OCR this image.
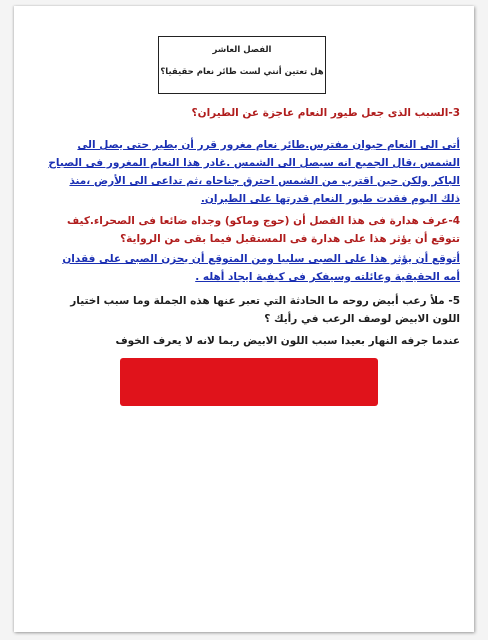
الفصل العاشر
هل تعتين أنني لست طائر نعام حقيقيا؟
3-السبب الذى جعل طيور النعام عاجزة عن الطيران؟
أتى الى النعام حيوان مفترس.طائر نعام مغرور قرر أن يطير حتى يصل الى
الشمس ،قال الجميع انه سيصل الى الشمس .غادر هذا النعام المغرور فى الصباح
الباكر ولكن حين اقترب من الشمس احترق جناحاه ،ثم تداعى الى الأرض ،منذ
ذلك اليوم فقدت طيور النعام قدرتها على الطيران.
4-عرف هدارة فى هذا الفصل أن (حوج وماكو) وجداه ضائعا فى الصحراء.كيف
تتوقع أن يؤثر هذا على هدارة فى المستقبل فيما بقى من الرواية؟
أتوقع أن يؤثر هذا على الصبى سلبيا ومن المتوقع أن يحزن الصبى على فقدان
أمه الحقيقية وعائلته وسيفكر فى كيفية ايجاد أهله .
5- ملأ رعب أبيض روحه ما الحادثة التي تعبر عنها هذه الجملة وما سبب اختيار
اللون الابيض لوصف الرعب في رأيك ؟
عندما جرفه النهار بعيدا سبب اللون الابيض ربما لانه لا يعرف الخوف
